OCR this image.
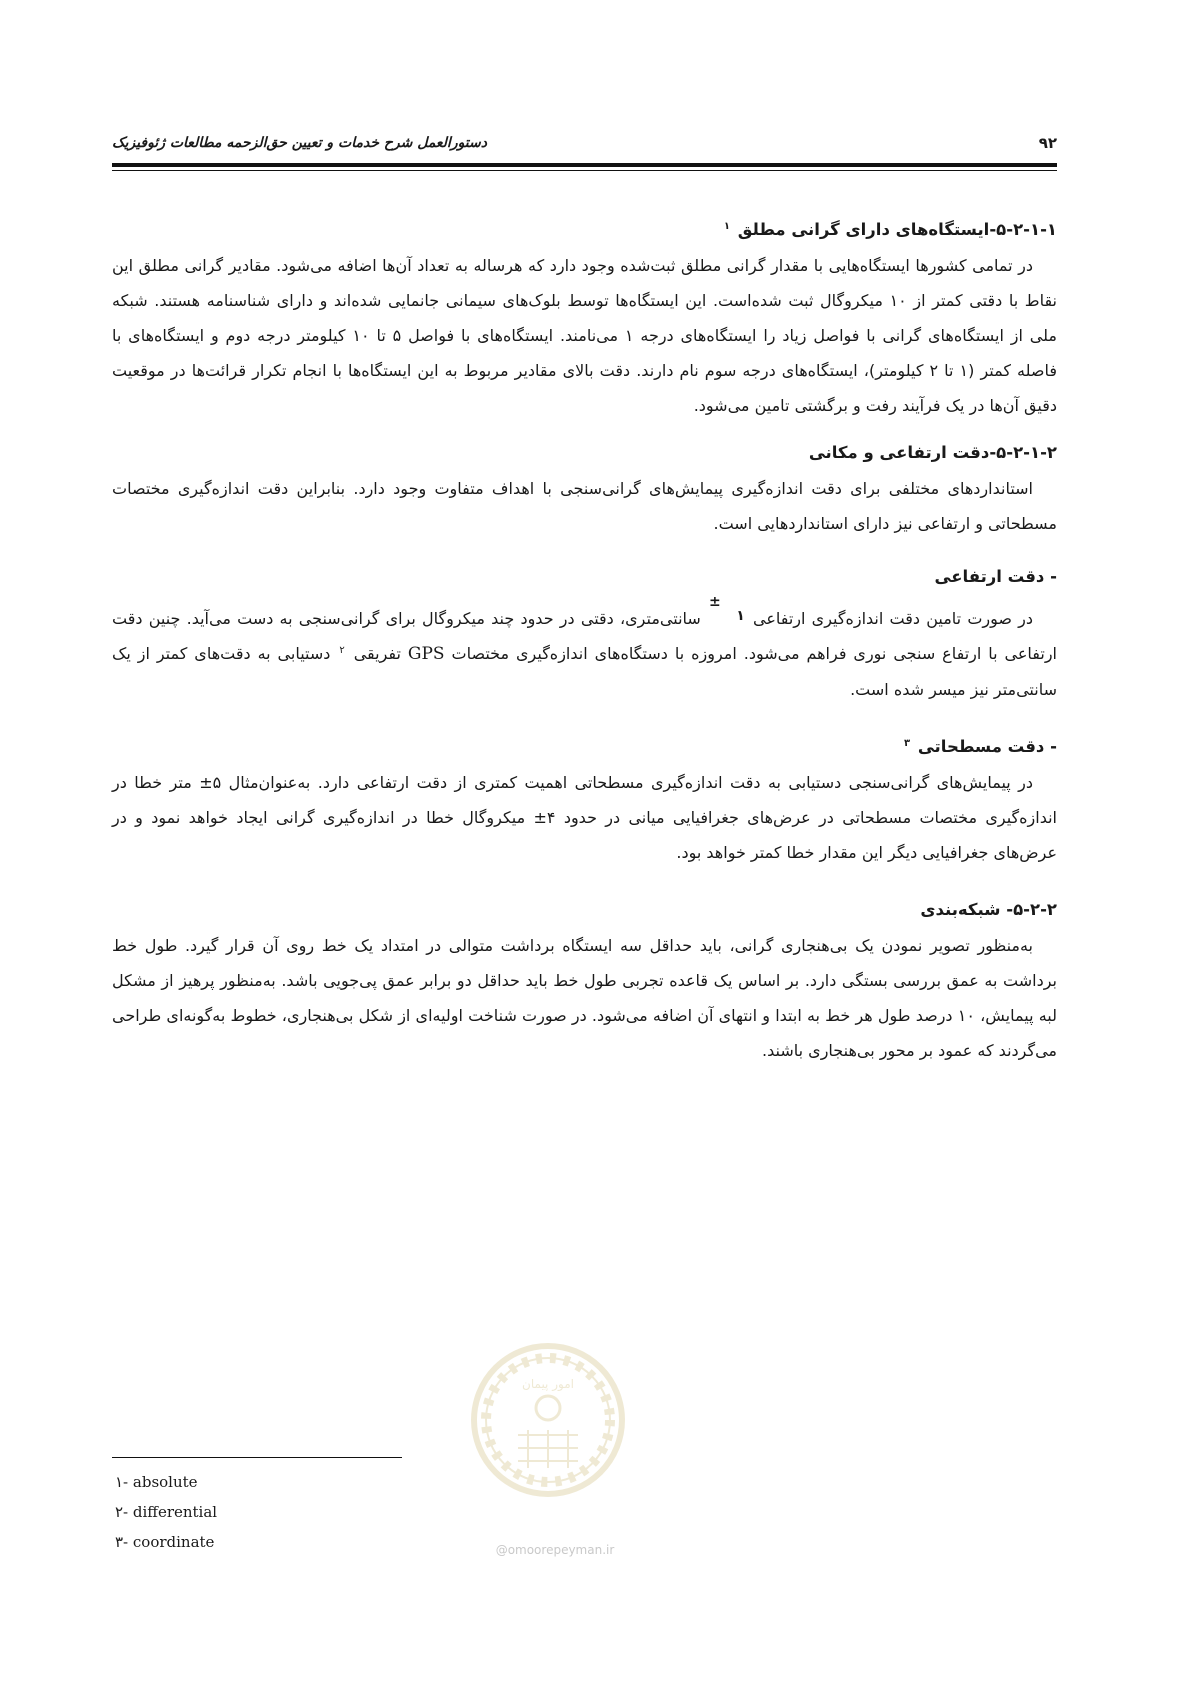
۹۲
دستورالعمل شرح خدمات و تعیین حق‌الزحمه مطالعات ژئوفیزیک
۵-۲-۱-۱-ایستگاه‌های دارای گرانی مطلق $^۱$

در تمامی کشورها ایستگاه‌هایی با مقدار گرانی مطلق ثبت‌شده وجود دارد که هرساله به تعداد آن‌ها اضافه می‌شود. مقادیر گرانی مطلق این نقاط با دقتی کمتر از ۱۰ میکروگال ثبت شده‌است. این ایستگاه‌ها توسط بلوک‌های سیمانی جانمایی شده‌اند و دارای شناسنامه هستند. شبکه ملی از ایستگاه‌های گرانی با فواصل زیاد را ایستگاه‌های درجه ۱ می‌نامند. ایستگاه‌های با فواصل ۵ تا ۱۰ کیلومتر درجه دوم و ایستگاه‌های با فاصله کمتر (۱ تا ۲ کیلومتر)، ایستگاه‌های درجه سوم نام دارند. دقت بالای مقادیر مربوط به این ایستگاه‌ها با انجام تکرار قرائت‌ها در موقعیت دقیق آن‌ها در یک فرآیند رفت و برگشتی تامین می‌شود.

۵-۲-۱-۲-دقت ارتفاعی و مکانی

استانداردهای مختلفی برای دقت اندازه‌گیری پیمایش‌های گرانی‌سنجی با اهداف متفاوت وجود دارد. بنابراین دقت اندازه‌گیری مختصات مسطحاتی و ارتفاعی نیز دارای استانداردهایی است.

- دقت ارتفاعی

در صورت تامین دقت اندازه‌گیری ارتفاعی
±
۱ سانتی‌متری، دقتی در حدود چند میکروگال برای گرانی‌سنجی به دست می‌آید. چنین دقت ارتفاعی با ارتفاع سنجی نوری فراهم می‌شود. امروزه با دستگاه‌های اندازه‌گیری مختصات GPS تفریقی $^۲$ دستیابی به دقت‌های کمتر از یک سانتی‌متر نیز میسر شده است.

- دقت مسطحاتی $^۳$

در پیمایش‌های گرانی‌سنجی دستیابی به دقت اندازه‌گیری مسطحاتی اهمیت کمتری از دقت ارتفاعی دارد. به‌عنوان‌مثال ۵± متر خطا در اندازه‌گیری مختصات مسطحاتی در عرض‌های جغرافیایی میانی در حدود ۴± میکروگال خطا در اندازه‌گیری گرانی ایجاد خواهد نمود و در عرض‌های جغرافیایی دیگر این مقدار خطا کمتر خواهد بود.

۵-۲-۲- شبکه‌بندی

به‌منظور تصویر نمودن یک بی‌هنجاری گرانی، باید حداقل سه ایستگاه برداشت متوالی در امتداد یک خط روی آن قرار گیرد. طول خط برداشت به عمق بررسی بستگی دارد. بر اساس یک قاعده تجربی طول خط باید حداقل دو برابر عمق پی‌جویی باشد. به‌منظور پرهیز از مشکل لبه پیمایش، ۱۰ درصد طول هر خط به ابتدا و انتهای آن اضافه می‌شود. در صورت شناخت اولیه‌ای از شکل بی‌هنجاری، خطوط به‌گونه‌ای طراحی می‌گردند که عمود بر محور بی‌هنجاری باشند.

امور پیمان
@omoorepeyman.ir
۱- absolute
۲- differential
۳- coordinate
